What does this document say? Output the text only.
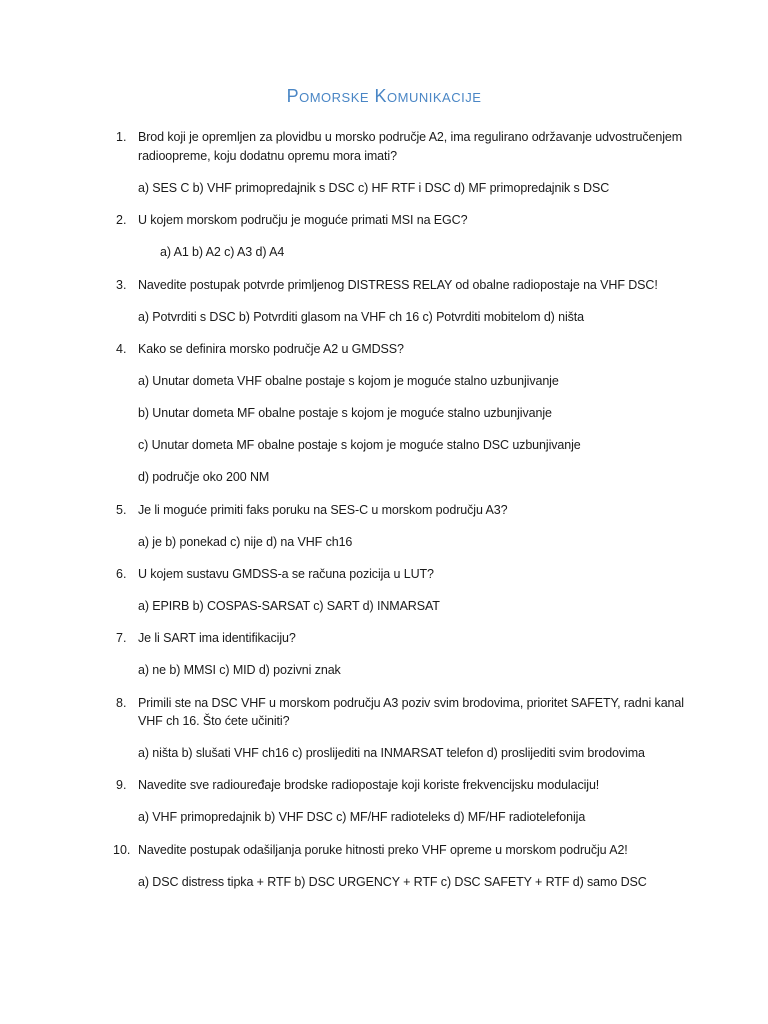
Pomorske Komunikacije
1. Brod koji je opremljen za plovidbu u morsko područje A2, ima regulirano održavanje udvostručenjem
radioopreme, koju dodatnu opremu mora imati?
a) SES C b) VHF primopredajnik s DSC c) HF RTF i DSC d) MF primopredajnik s DSC
2. U kojem morskom području je moguće primati MSI na EGC?
a) A1 b) A2 c) A3 d) A4
3. Navedite postupak potvrde primljenog DISTRESS RELAY od obalne radiopostaje na VHF DSC!
a) Potvrditi s DSC b) Potvrditi glasom na VHF ch 16 c) Potvrditi mobitelom d) ništa
4. Kako se definira morsko područje A2 u GMDSS?
a) Unutar dometa VHF obalne postaje s kojom je moguće stalno uzbunjivanje
b) Unutar dometa MF obalne postaje s kojom je moguće stalno uzbunjivanje
c) Unutar dometa MF obalne postaje s kojom je moguće stalno DSC uzbunjivanje
d) područje oko 200 NM
5. Je li moguće primiti faks poruku na SES-C u morskom području A3?
a) je b) ponekad c) nije d) na VHF ch16
6. U kojem sustavu GMDSS-a se računa pozicija u LUT?
a) EPIRB b) COSPAS-SARSAT c) SART d) INMARSAT
7. Je li SART ima identifikaciju?
a) ne b) MMSI c) MID d) pozivni znak
8. Primili ste na DSC VHF u morskom području A3 poziv svim brodovima, prioritet SAFETY, radni kanal
VHF ch 16. Što ćete učiniti?
a) ništa b) slušati VHF ch16 c) proslijediti na INMARSAT telefon d) proslijediti svim brodovima
9. Navedite sve radiouređaje brodske radiopostaje koji koriste frekvencijsku modulaciju!
a) VHF primopredajnik b) VHF DSC c) MF/HF radioteleks d) MF/HF radiotelefonija
10. Navedite postupak odašiljanja poruke hitnosti preko VHF opreme u morskom području A2!
a) DSC distress tipka + RTF b) DSC URGENCY + RTF c) DSC SAFETY + RTF d) samo DSC
